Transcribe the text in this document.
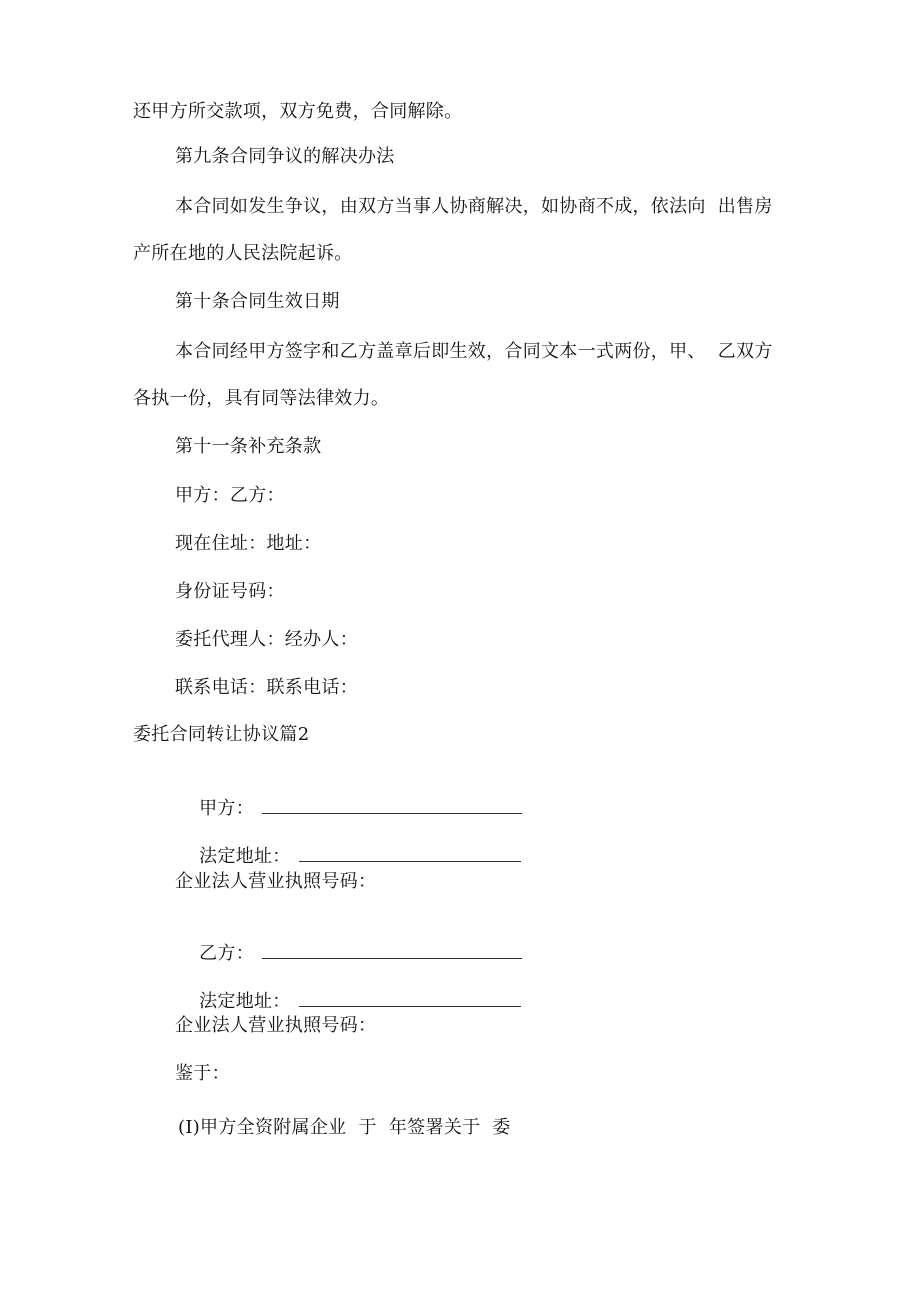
还甲方所交款项，双方免费，合同解除。

第九条合同争议的解决办法

本合同如发生争议，由双方当事人协商解决，如协商不成，依法向  出售房

产所在地的人民法院起诉。

第十条合同生效日期

本合同经甲方签字和乙方盖章后即生效，合同文本一式两份，甲、  乙双方

各执一份，具有同等法律效力。

第十一条补充条款

甲方：乙方：

现在住址：地址：

身份证号码：

委托代理人：经办人：

联系电话：联系电话：

委托合同转让协议篇2

甲方：

法定地址：

企业法人营业执照号码：

乙方：

法定地址：

企业法人营业执照号码：

鉴于：

(I)甲方全资附属企业  于  年签署关于  委
